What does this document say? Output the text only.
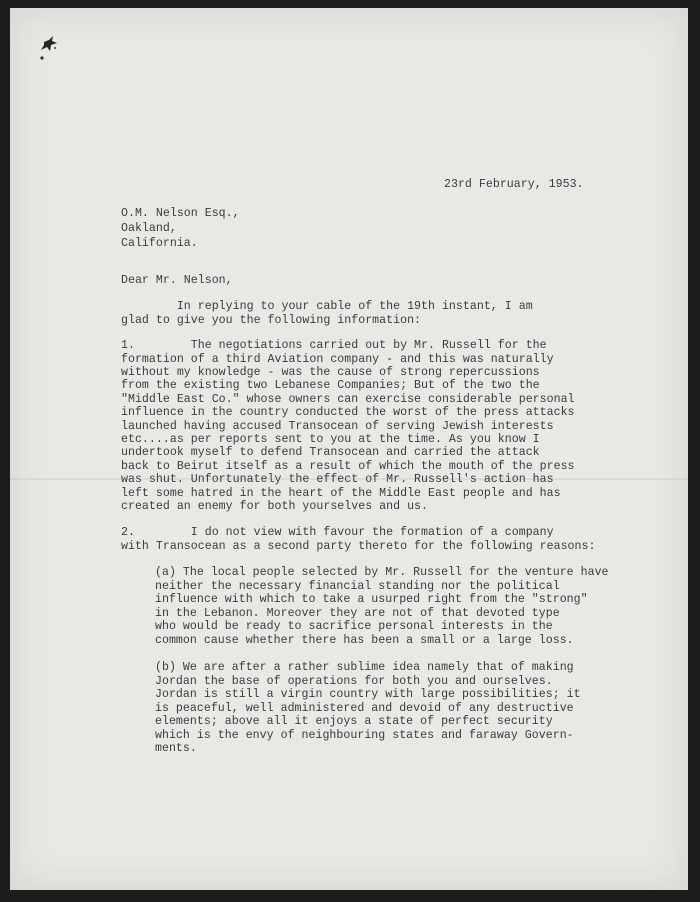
23rd February, 1953.
O.M. Nelson Esq.,
Oakland,
California.
Dear Mr. Nelson,
In replying to your cable of the 19th instant, I am
glad to give you the following information:
1.        The negotiations carried out by Mr. Russell for the
formation of a third Aviation company - and this was naturally
without my knowledge - was the cause of strong repercussions
from the existing two Lebanese Companies; But of the two the
"Middle East Co." whose owners can exercise considerable personal
influence in the country conducted the worst of the press attacks
launched having accused Transocean of serving Jewish interests
etc....as per reports sent to you at the time. As you know I
undertook myself to defend Transocean and carried the attack
back to Beirut itself as a result of which the mouth of the press
was shut. Unfortunately the effect of Mr. Russell's action has
left some hatred in the heart of the Middle East people and has
created an enemy for both yourselves and us.
2.        I do not view with favour the formation of a company
with Transocean as a second party thereto for the following reasons:
(a) The local people selected by Mr. Russell for the venture have
neither the necessary financial standing nor the political
influence with which to take a usurped right from the "strong"
in the Lebanon. Moreover they are not of that devoted type
who would be ready to sacrifice personal interests in the
common cause whether there has been a small or a large loss.
(b) We are after a rather sublime idea namely that of making
Jordan the base of operations for both you and ourselves.
Jordan is still a virgin country with large possibilities; it
is peaceful, well administered and devoid of any destructive
elements; above all it enjoys a state of perfect security
which is the envy of neighbouring states and faraway Govern-
ments.
